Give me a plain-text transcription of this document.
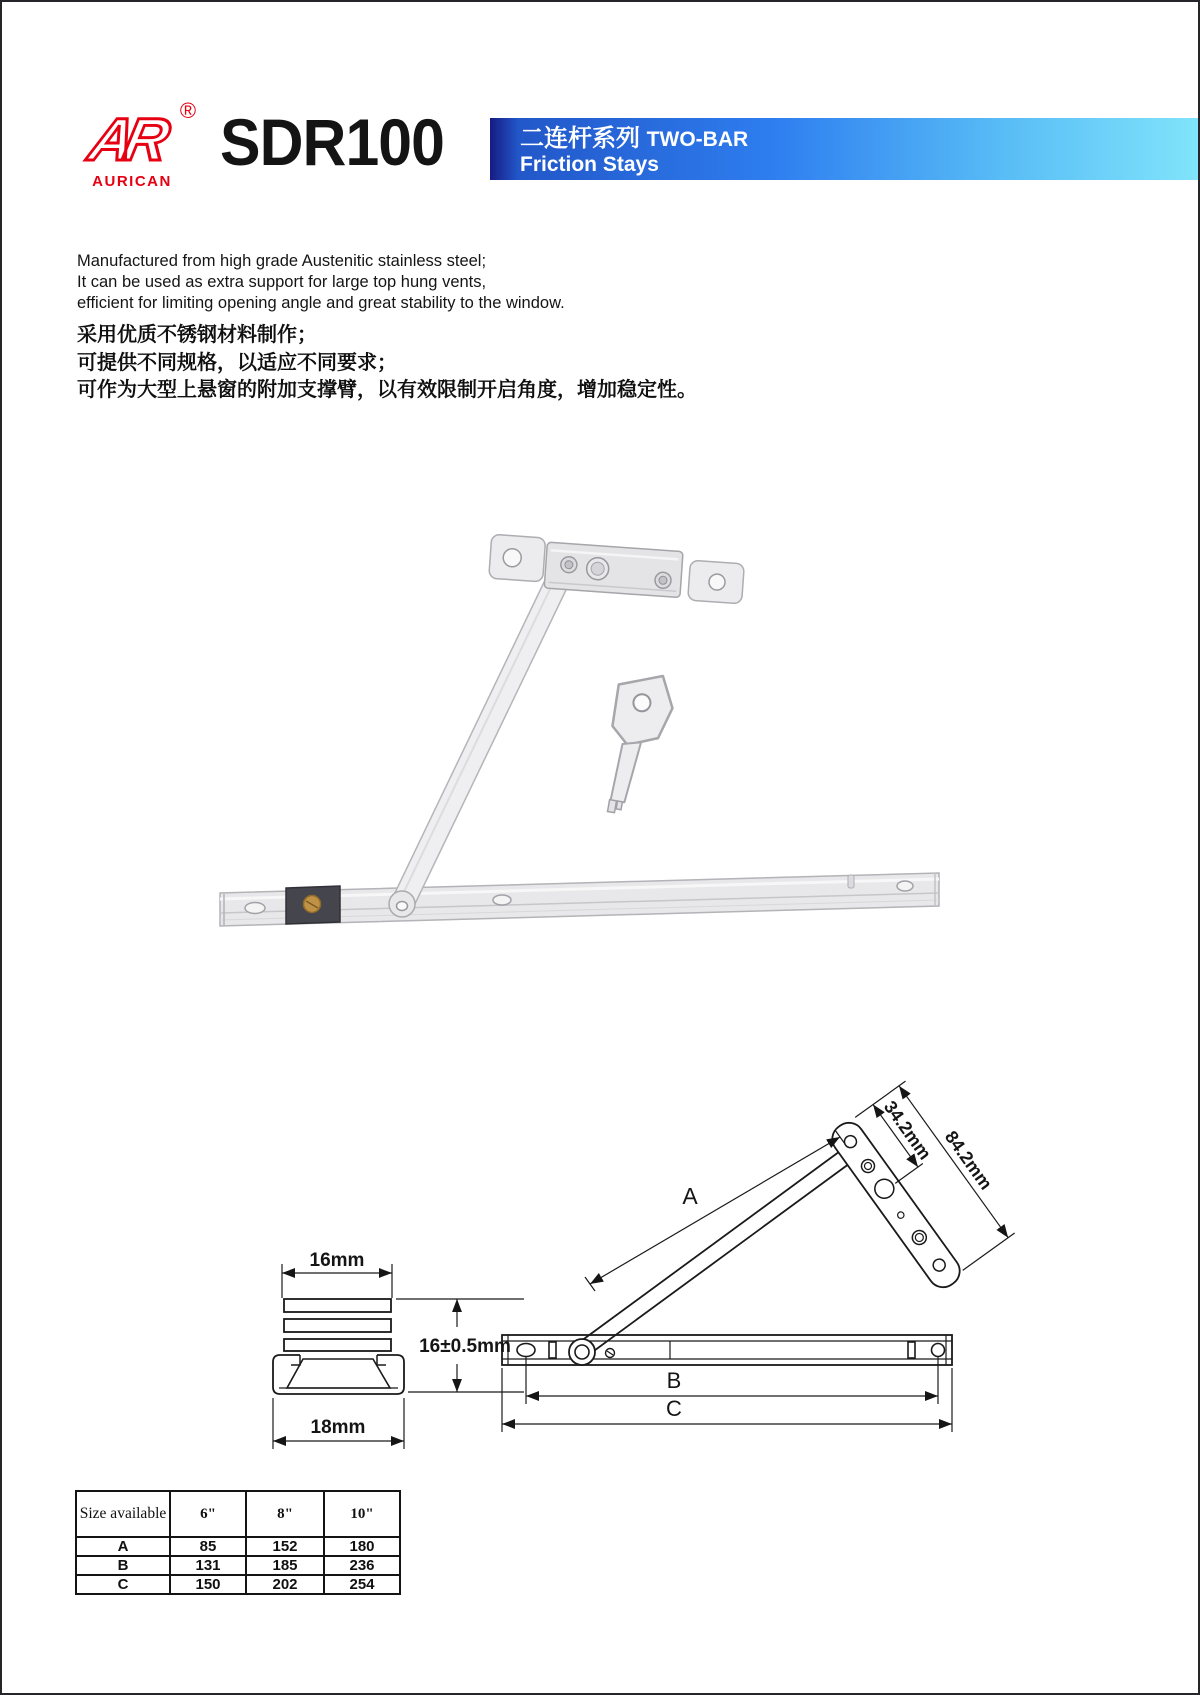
AR ®
AURICAN
SDR100	二连杆系列 TWO-BAR
Friction Stays
Manufactured from high grade Austenitic stainless steel;
It can be used as extra support for large top hung vents,
efficient for limiting opening angle and great stability to the window.
采用优质不锈钢材料制作；
可提供不同规格，以适应不同要求；
可作为大型上悬窗的附加支撑臂，以有效限制开启角度，增加稳定性。
34.2mm 84.2mm
16mm
18mm
16±0.5mm
A
B
C
Size available	6"	8"	10"
A	85	152	180
B	131	185	236
C	150	202	254
